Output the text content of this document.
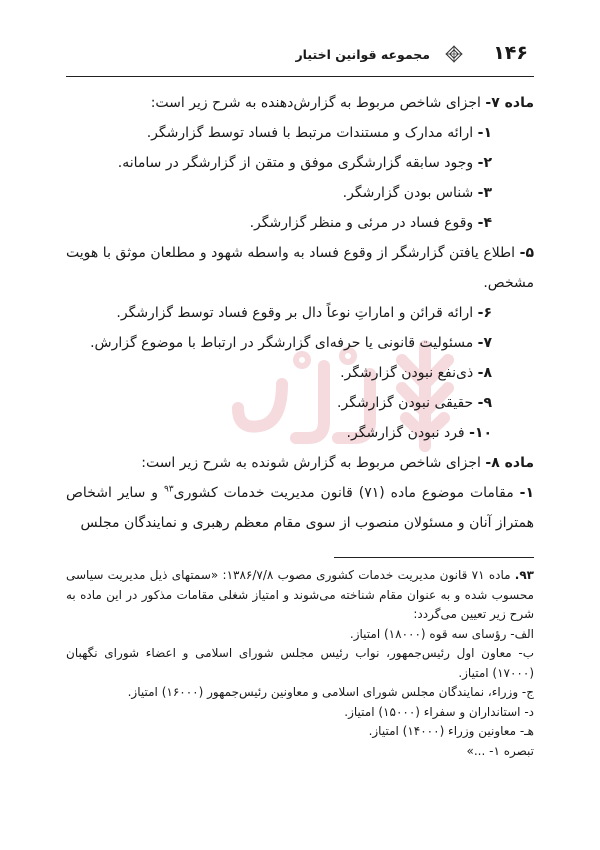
۱۴۶
مجموعه قوانین اختیار

ماده ۷- اجزای شاخص مربوط به گزارش‌دهنده به شرح زیر است:

۱- ارائه مدارک و مستندات مرتبط با فساد توسط گزارشگر.

۲- وجود سابقه گزارشگری موفق و متقن از گزارشگر در سامانه.

۳- شناس بودن گزارشگر.

۴- وقوع فساد در مرئی و منظر گزارشگر.

۵- اطلاع یافتن گزارشگر از وقوع فساد به واسطه شهود و مطلعان موثق با هویت مشخص.

۶- ارائه قرائن و اماراتِ نوعاً دال بر وقوع فساد توسط گزارشگر.

۷- مسئولیت قانونی یا حرفه‌ای گزارشگر در ارتباط با موضوع گزارش.

۸- ذی‌نفع نبودن گزارشگر.

۹- حقیقی نبودن گزارشگر.

۱۰- فرد نبودن گزارشگر.

ماده ۸- اجزای شاخص مربوط به گزارش شونده به شرح زیر است:

۱- مقامات موضوع ماده (۷۱) قانون مدیریت خدمات کشوری$^{۹۳}$ و سایر اشخاص همتراز آنان و مسئولان منصوب از سوی مقام معظم رهبری و نمایندگان مجلس

۹۳. ماده ۷۱ قانون مدیریت خدمات کشوری مصوب ۱۳۸۶/۷/۸: «سمتهای ذیل مدیریت سیاسی محسوب شده و به عنوان مقام شناخته می‌شوند و امتیاز شغلی مقامات مذکور در این ماده به شرح زیر تعیین می‌گردد:

الف- رؤسای سه قوه (۱۸۰۰۰) امتیاز.

ب- معاون اول رئیس‌جمهور، نواب رئیس مجلس شورای اسلامی و اعضاء شورای نگهبان (۱۷۰۰۰) امتیاز.

ج- وزراء، نمایندگان مجلس شورای اسلامی و معاونین رئیس‌جمهور (۱۶۰۰۰) امتیاز.

د- استانداران و سفراء (۱۵۰۰۰) امتیاز.

هـ- معاونین وزراء (۱۴۰۰۰) امتیاز.

تبصره ۱- ...»
